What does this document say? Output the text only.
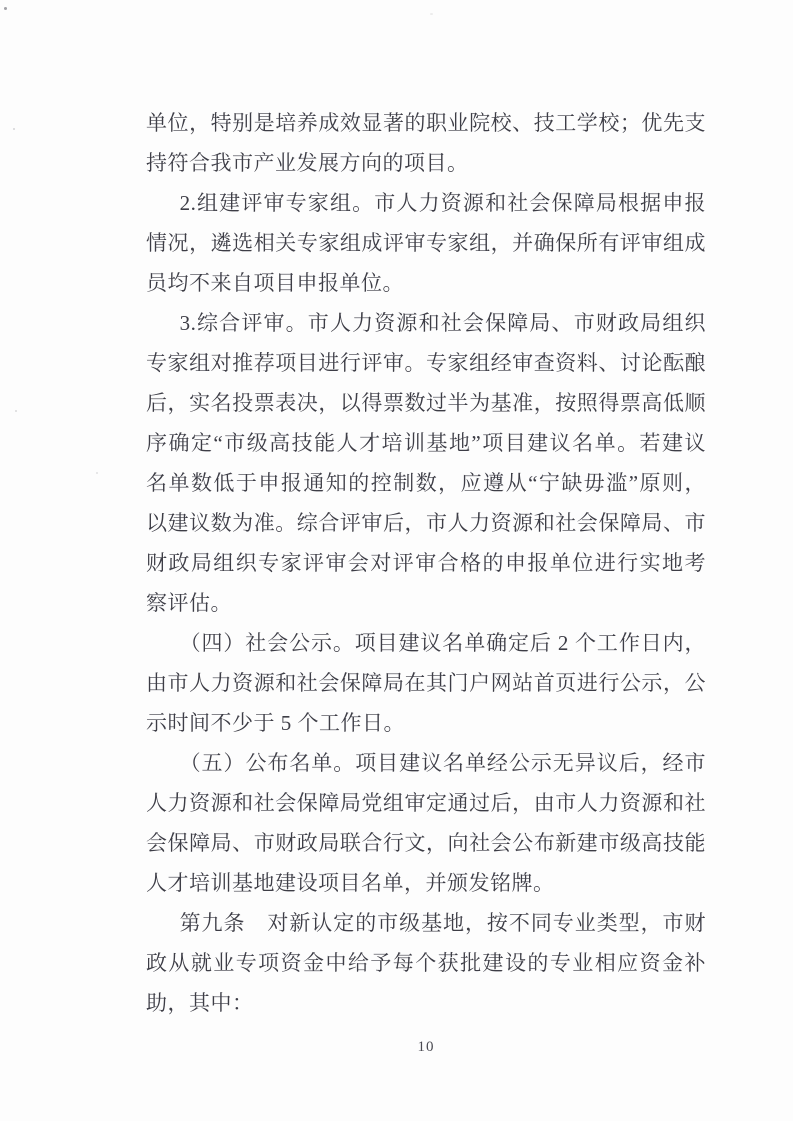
单位，特别是培养成效显著的职业院校、技工学校；优先支
持符合我市产业发展方向的项目。

2.组建评审专家组。市人力资源和社会保障局根据申报
情况，遴选相关专家组成评审专家组，并确保所有评审组成
员均不来自项目申报单位。

3.综合评审。市人力资源和社会保障局、市财政局组织
专家组对推荐项目进行评审。专家组经审查资料、讨论酝酿
后，实名投票表决，以得票数过半为基准，按照得票高低顺
序确定“市级高技能人才培训基地”项目建议名单。若建议
名单数低于申报通知的控制数，应遵从“宁缺毋滥”原则，
以建议数为准。综合评审后，市人力资源和社会保障局、市
财政局组织专家评审会对评审合格的申报单位进行实地考
察评估。

（四）社会公示。项目建议名单确定后 2 个工作日内，
由市人力资源和社会保障局在其门户网站首页进行公示，公
示时间不少于 5 个工作日。

（五）公布名单。项目建议名单经公示无异议后，经市
人力资源和社会保障局党组审定通过后，由市人力资源和社
会保障局、市财政局联合行文，向社会公布新建市级高技能
人才培训基地建设项目名单，并颁发铭牌。

第九条　对新认定的市级基地，按不同专业类型，市财
政从就业专项资金中给予每个获批建设的专业相应资金补
助，其中：

10
